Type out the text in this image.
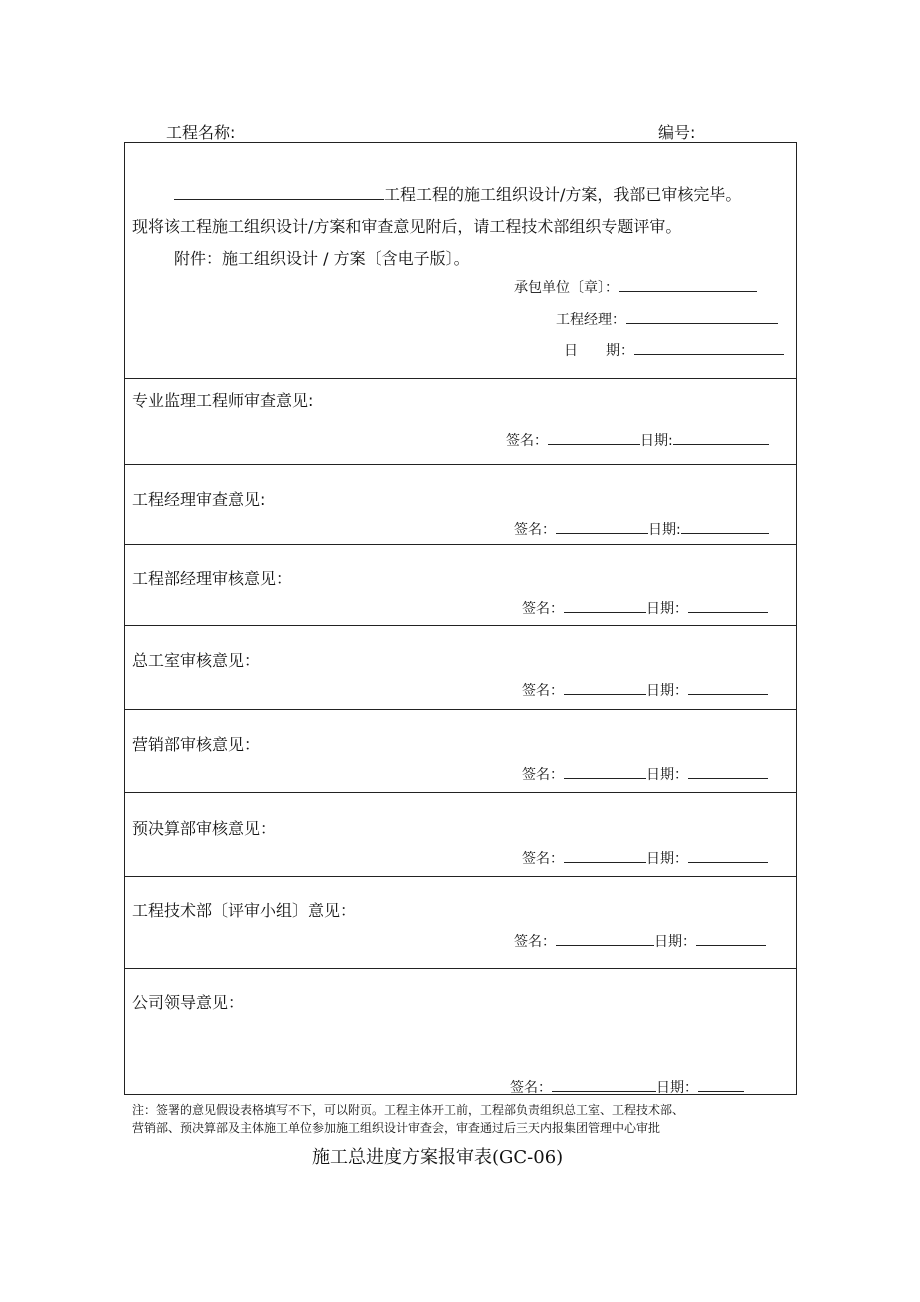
工程名称:	编号:
工程工程的施工组织设计/方案，我部已审核完毕。
现将该工程施工组织设计/方案和审查意见附后，请工程技术部组织专题评审。
附件：施工组织设计 / 方案〔含电子版〕。
承包单位〔章〕：
工程经理：
日　　期：
专业监理工程师审查意见:
签名：	日期:
工程经理审查意见:
签名：	日期:
工程部经理审核意见：
签名：	日期：
总工室审核意见：
签名：	日期：
营销部审核意见：
签名：	日期：
预决算部审核意见：
签名：	日期：
工程技术部〔评审小组〕意见：
签名：	日期：
公司领导意见：
签名：	日期：
注：签署的意见假设表格填写不下，可以附页。工程主体开工前，工程部负责组织总工室、工程技术部、
营销部、预决算部及主体施工单位参加施工组织设计审查会，审查通过后三天内报集团管理中心审批
施工总进度方案报审表(GC-06)
